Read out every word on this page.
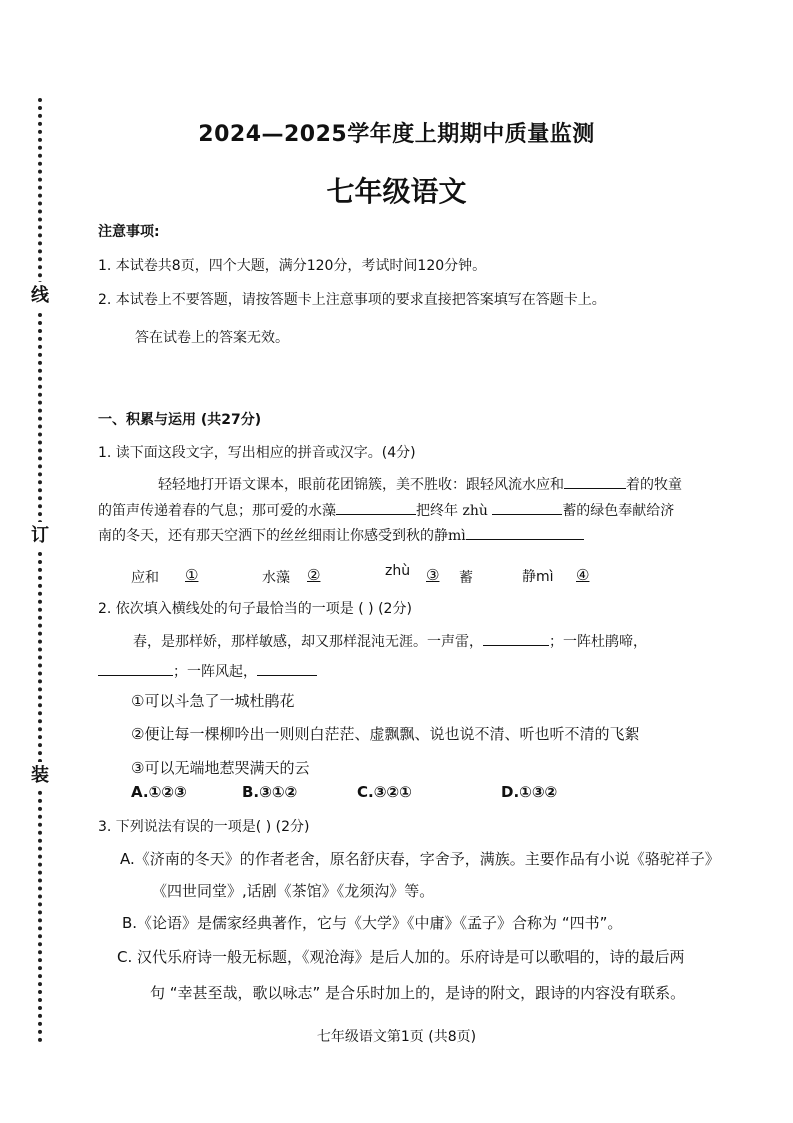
线
订
装
2024—2025学年度上期期中质量监测
七年级语文
注意事项:
1. 本试卷共8页，四个大题，满分120分，考试时间120分钟。
2. 本试卷上不要答题，请按答题卡上注意事项的要求直接把答案填写在答题卡上。
答在试卷上的答案无效。
一、积累与运用 (共27分)
1. 读下面这段文字，写出相应的拼音或汉字。(4分)
轻轻地打开语文课本，眼前花团锦簇，美不胜收：跟轻风流水应和	着的牧童
的笛声传递着春的气息；那可爱的水藻	把终年 zhù	蓄的绿色奉献给济
南的冬天，还有那天空洒下的丝丝细雨让你感受到秋的静mì
应和 ①	水藻 ②	zhù ③ 蓄	静mì ④
2. 依次填入横线处的句子最恰当的一项是 ( ) (2分)
春，是那样娇，那样敏感，却又那样混沌无涯。一声雷，	；一阵杜鹃啼，
；一阵风起，
①可以斗急了一城杜鹃花
②便让每一棵柳吟出一则则白茫茫、虚飘飘、说也说不清、听也听不清的飞絮
③可以无端地惹哭满天的云
A.①②③	B.③①②	C.③②①	D.①③②
3. 下列说法有误的一项是( ) (2分)
A.《济南的冬天》的作者老舍，原名舒庆春，字舍予，满族。主要作品有小说《骆驼祥子》
《四世同堂》,话剧《茶馆》《龙须沟》等。
B.《论语》是儒家经典著作，它与《大学》《中庸》《孟子》合称为 “四书”。
C. 汉代乐府诗一般无标题，《观沧海》是后人加的。乐府诗是可以歌唱的，诗的最后两
句 “幸甚至哉，歌以咏志” 是合乐时加上的，是诗的附文，跟诗的内容没有联系。
七年级语文第1页 (共8页)
